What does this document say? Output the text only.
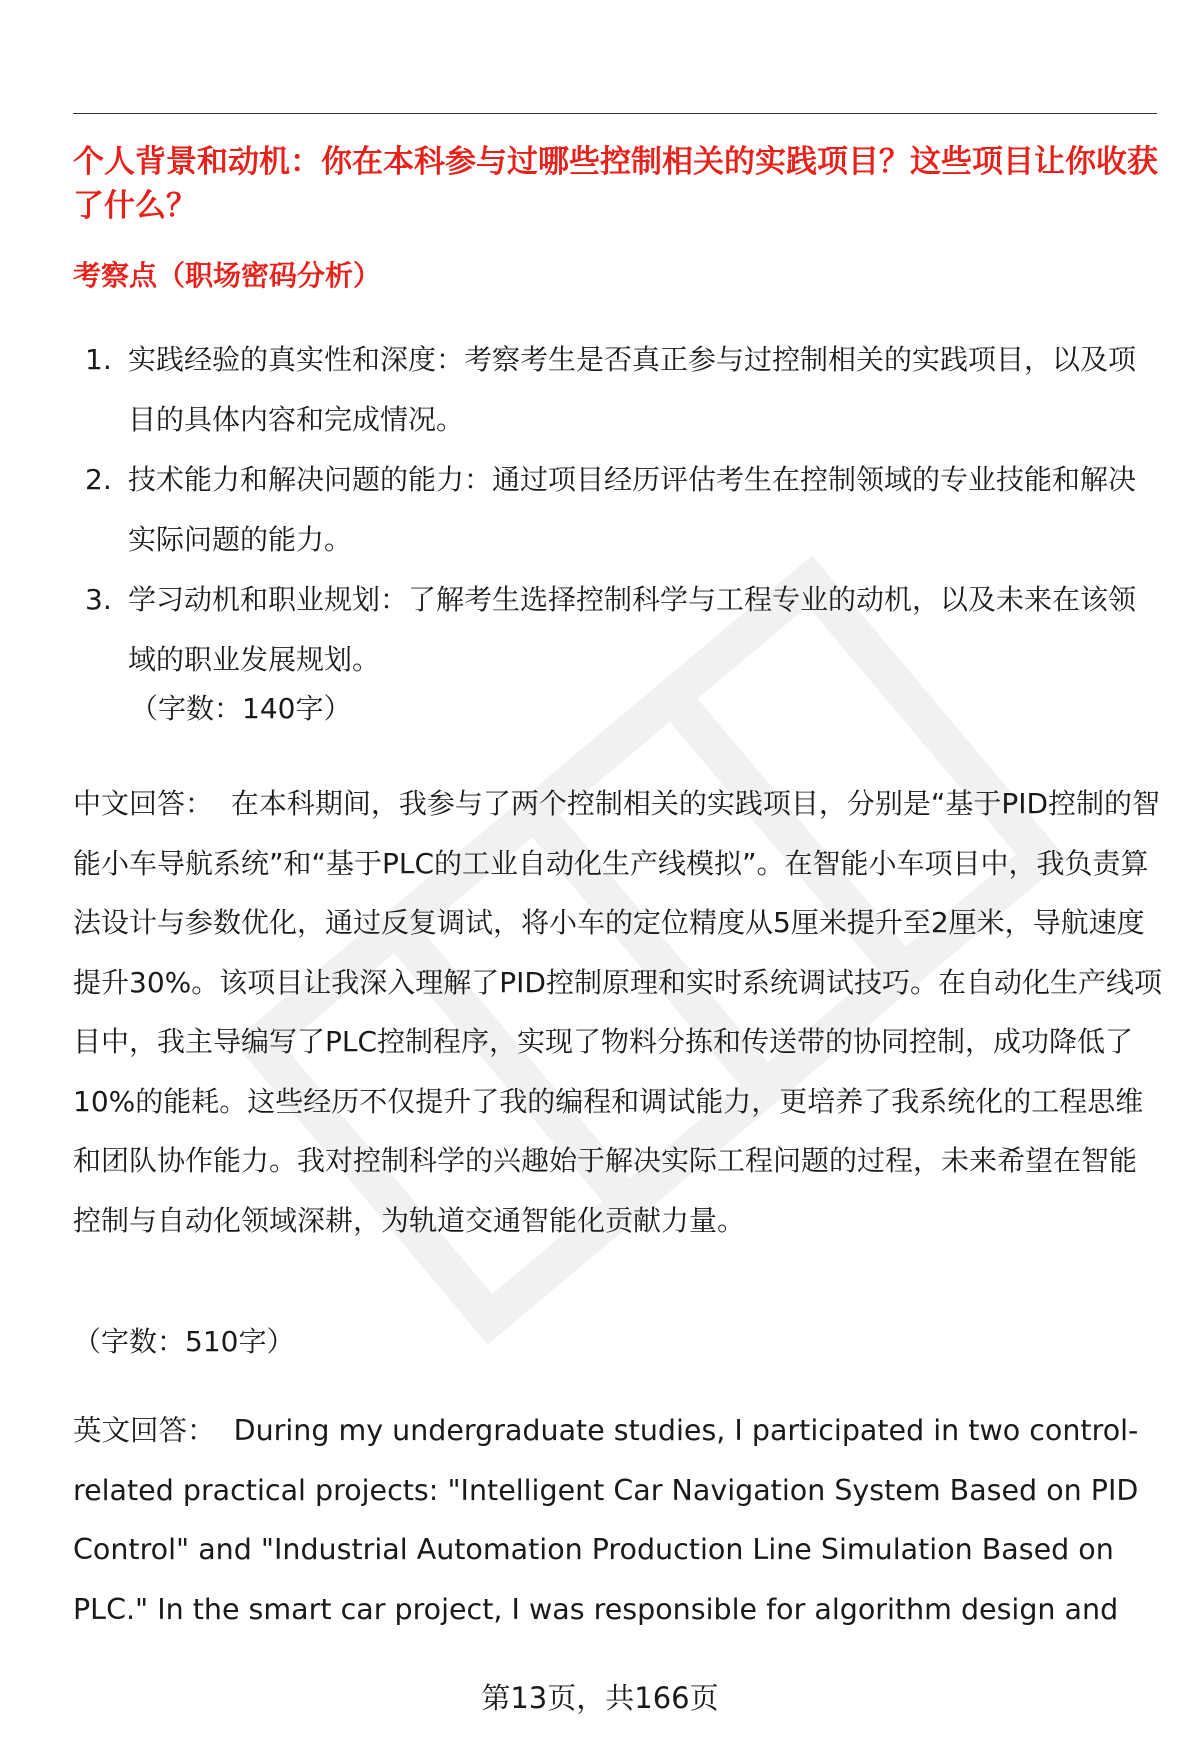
个人背景和动机：你在本科参与过哪些控制相关的实践项目？这些项目让你收获了什么？

考察点（职场密码分析）

1. 实践经验的真实性和深度：考察考生是否真正参与过控制相关的实践项目，以及项目的具体内容和完成情况。
2. 技术能力和解决问题的能力：通过项目经历评估考生在控制领域的专业技能和解决实际问题的能力。
3. 学习动机和职业规划：了解考生选择控制科学与工程专业的动机，以及未来在该领域的职业发展规划。
（字数：140字）

中文回答： 在本科期间，我参与了两个控制相关的实践项目，分别是“基于PID控制的智能小车导航系统”和“基于PLC的工业自动化生产线模拟”。在智能小车项目中，我负责算法设计与参数优化，通过反复调试，将小车的定位精度从5厘米提升至2厘米，导航速度提升30%。该项目让我深入理解了PID控制原理和实时系统调试技巧。在自动化生产线项目中，我主导编写了PLC控制程序，实现了物料分拣和传送带的协同控制，成功降低了10%的能耗。这些经历不仅提升了我的编程和调试能力，更培养了我系统化的工程思维和团队协作能力。我对控制科学的兴趣始于解决实际工程问题的过程，未来希望在智能控制与自动化领域深耕，为轨道交通智能化贡献力量。

（字数：510字）

英文回答： During my undergraduate studies, I participated in two control-related practical projects: "Intelligent Car Navigation System Based on PID Control" and "Industrial Automation Production Line Simulation Based on PLC." In the smart car project, I was responsible for algorithm design and

第13页，共166页
